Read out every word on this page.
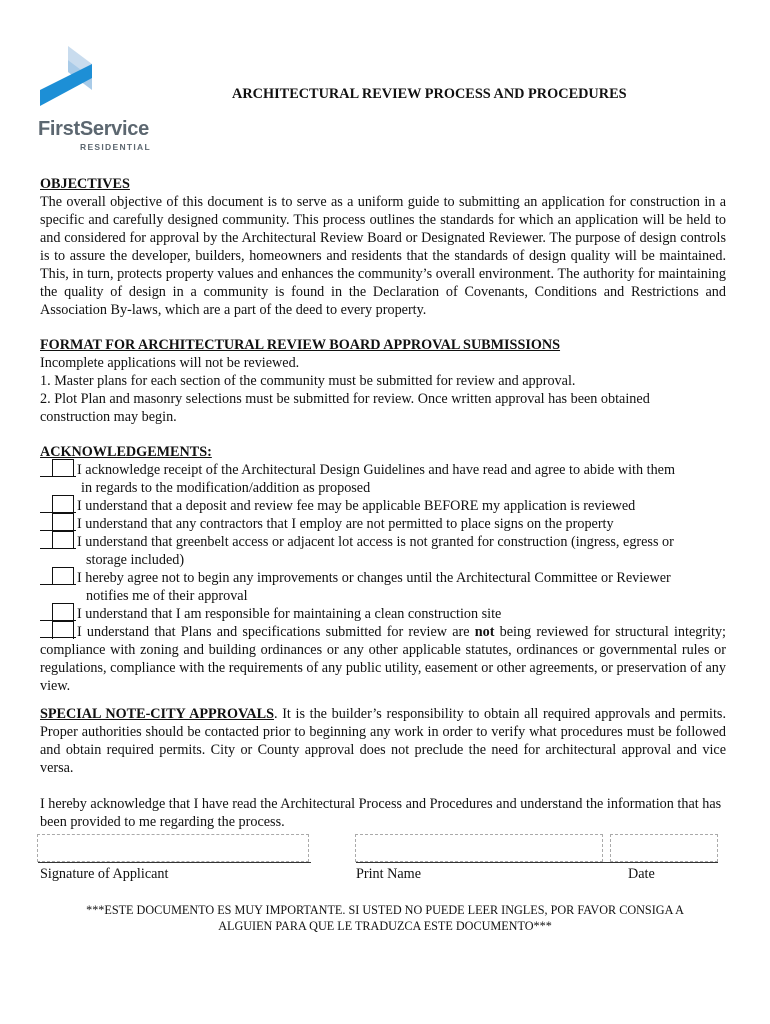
FirstService
RESIDENTIAL
ARCHITECTURAL REVIEW PROCESS AND PROCEDURES
OBJECTIVES
The overall objective of this document is to serve as a uniform guide to submitting an application for construction in a specific and carefully designed community. This process outlines the standards for which an application will be held to and considered for approval by the Architectural Review Board or Designated Reviewer. The purpose of design controls is to assure the developer, builders, homeowners and residents that the standards of design quality will be maintained. This, in turn, protects property values and enhances the community’s overall environment. The authority for maintaining the quality of design in a community is found in the Declaration of Covenants, Conditions and Restrictions and Association By-laws, which are a part of the deed to every property.
FORMAT FOR ARCHITECTURAL REVIEW BOARD APPROVAL SUBMISSIONS
Incomplete applications will not be reviewed.
1. Master plans for each section of the community must be submitted for review and approval.
2. Plot Plan and masonry selections must be submitted for review. Once written approval has been obtained
construction may begin.
ACKNOWLEDGEMENTS:
I acknowledge receipt of the Architectural Design Guidelines and have read and agree to abide with them
in regards to the modification/addition as proposed
I understand that a deposit and review fee may be applicable BEFORE my application is reviewed
I understand that any contractors that I employ are not permitted to place signs on the property
I understand that greenbelt access or adjacent lot access is not granted for construction (ingress, egress or
storage included)
I hereby agree not to begin any improvements or changes until the Architectural Committee or Reviewer
notifies me of their approval
I understand that I am responsible for maintaining a clean construction site
I understand that Plans and specifications submitted for review are not being reviewed for structural integrity; compliance with zoning and building ordinances or any other applicable statutes, ordinances or governmental rules or regulations, compliance with the requirements of any public utility, easement or other agreements, or preservation of any view.
SPECIAL NOTE-CITY APPROVALS. It is the builder’s responsibility to obtain all required approvals and permits. Proper authorities should be contacted prior to beginning any work in order to verify what procedures must be followed and obtain required permits. City or County approval does not preclude the need for architectural approval and vice versa.
I hereby acknowledge that I have read the Architectural Process and Procedures and understand the information that has been provided to me regarding the process.
Signature of Applicant	Print Name	Date
***ESTE DOCUMENTO ES MUY IMPORTANTE. SI USTED NO PUEDE LEER INGLES, POR FAVOR CONSIGA A
ALGUIEN PARA QUE LE TRADUZCA ESTE DOCUMENTO***
